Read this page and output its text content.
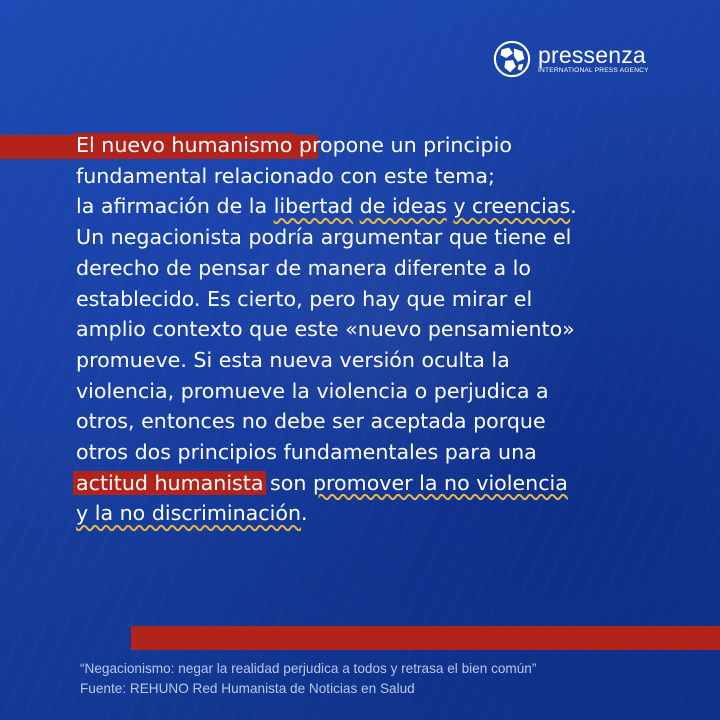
pressenza
INTERNATIONAL PRESS AGENCY
El nuevo humanismo propone un principio
fundamental relacionado con este tema;
la afirmación de la libertad de ideas y creencias.
Un negacionista podría argumentar que tiene el
derecho de pensar de manera diferente a lo
establecido. Es cierto, pero hay que mirar el
amplio contexto que este «nuevo pensamiento»
promueve. Si esta nueva versión oculta la
violencia, promueve la violencia o perjudica a
otros, entonces no debe ser aceptada porque
otros dos principios fundamentales para una
actitud humanista son promover la no violencia
y la no discriminación.
“Negacionismo: negar la realidad perjudica a todos y retrasa el bien común”
Fuente: REHUNO Red Humanista de Noticias en Salud
